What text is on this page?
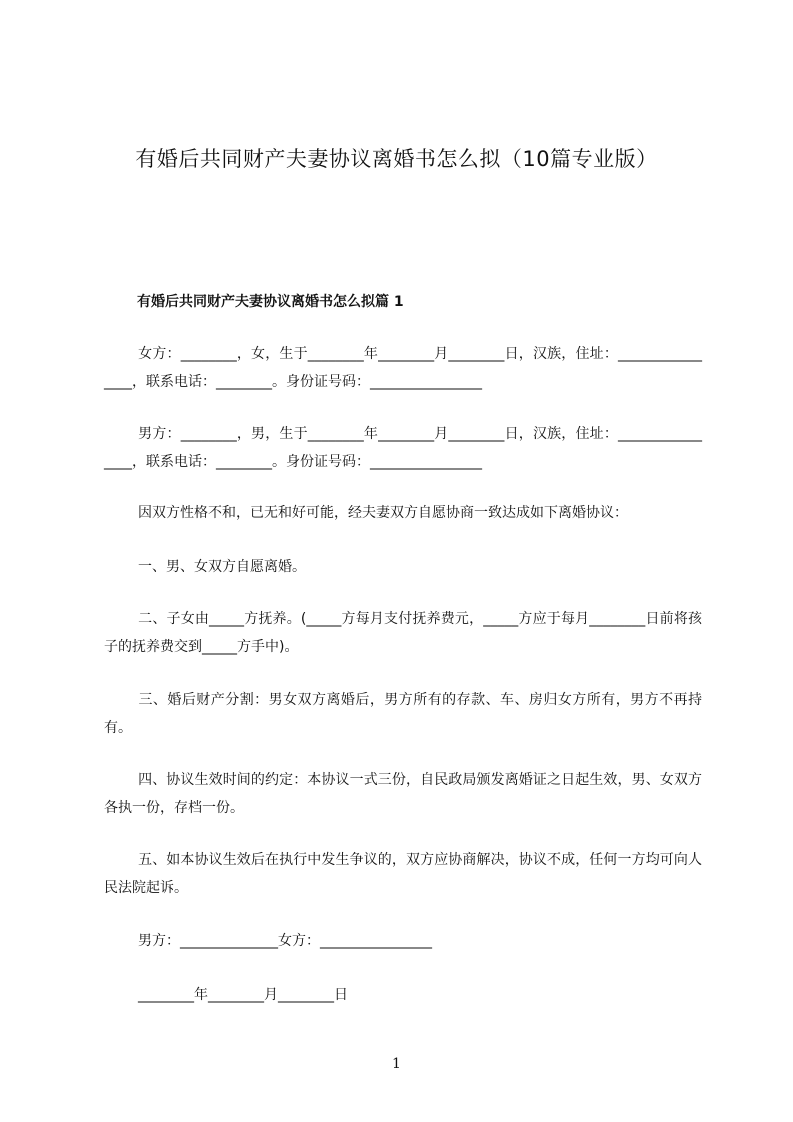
有婚后共同财产夫妻协议离婚书怎么拟（10篇专业版）
有婚后共同财产夫妻协议离婚书怎么拟篇 1
女方：________，女，生于________年________月________日，汉族，住址：________________，联系电话：________。身份证号码：________________
男方：________，男，生于________年________月________日，汉族，住址：________________，联系电话：________。身份证号码：________________
因双方性格不和，已无和好可能，经夫妻双方自愿协商一致达成如下离婚协议：
一、男、女双方自愿离婚。
二、子女由_____方抚养。(_____方每月支付抚养费元，_____方应于每月________日前将孩子的抚养费交到_____方手中)。
三、婚后财产分割：男女双方离婚后，男方所有的存款、车、房归女方所有，男方不再持有。
四、协议生效时间的约定：本协议一式三份，自民政局颁发离婚证之日起生效，男、女双方各执一份，存档一份。
五、如本协议生效后在执行中发生争议的，双方应协商解决，协议不成，任何一方均可向人民法院起诉。
男方：______________女方：________________
________年________月________日
1
